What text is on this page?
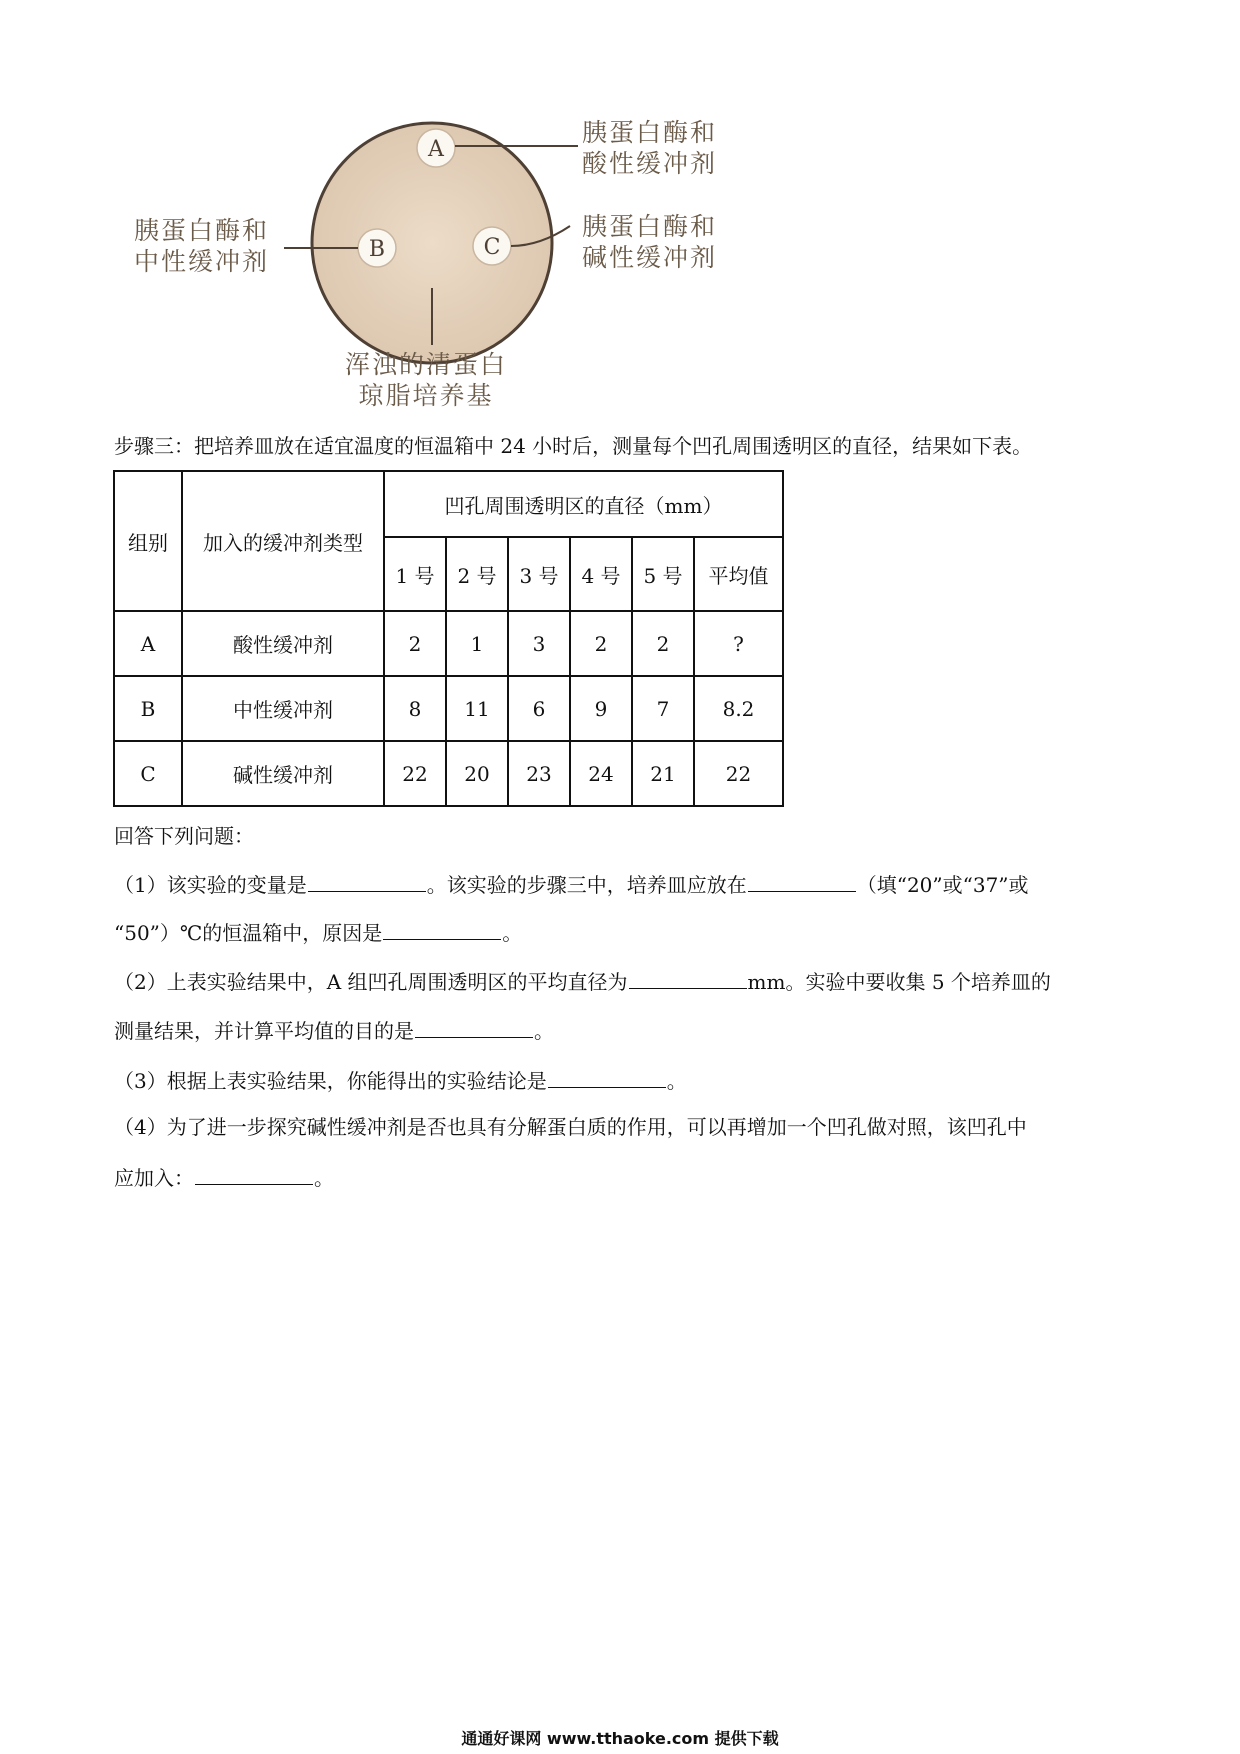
A
B	C
胰蛋白酶和
酸性缓冲剂
胰蛋白酶和
中性缓冲剂
胰蛋白酶和
碱性缓冲剂
浑浊的清蛋白
琼脂培养基
步骤三：把培养皿放在适宜温度的恒温箱中 24 小时后，测量每个凹孔周围透明区的直径，结果如下表。
组别	加入的缓冲剂类型	凹孔周围透明区的直径（mm）					
		1 号	2 号	3 号	4 号	5 号	平均值
A	酸性缓冲剂	2	1	3	2	2	?
B	中性缓冲剂	8	11	6	9	7	8.2
C	碱性缓冲剂	22	20	23	24	21	22
回答下列问题：
（1）该实验的变量是	。该实验的步骤三中，培养皿应放在	（填“20”或“37”或
“50”）℃的恒温箱中，原因是	。
（2）上表实验结果中，A 组凹孔周围透明区的平均直径为	mm。实验中要收集 5 个培养皿的
测量结果，并计算平均值的目的是	。
（3）根据上表实验结果，你能得出的实验结论是	。
（4）为了进一步探究碱性缓冲剂是否也具有分解蛋白质的作用，可以再增加一个凹孔做对照，该凹孔中
应加入：	。
通通好课网 www.tthaoke.com 提供下载
